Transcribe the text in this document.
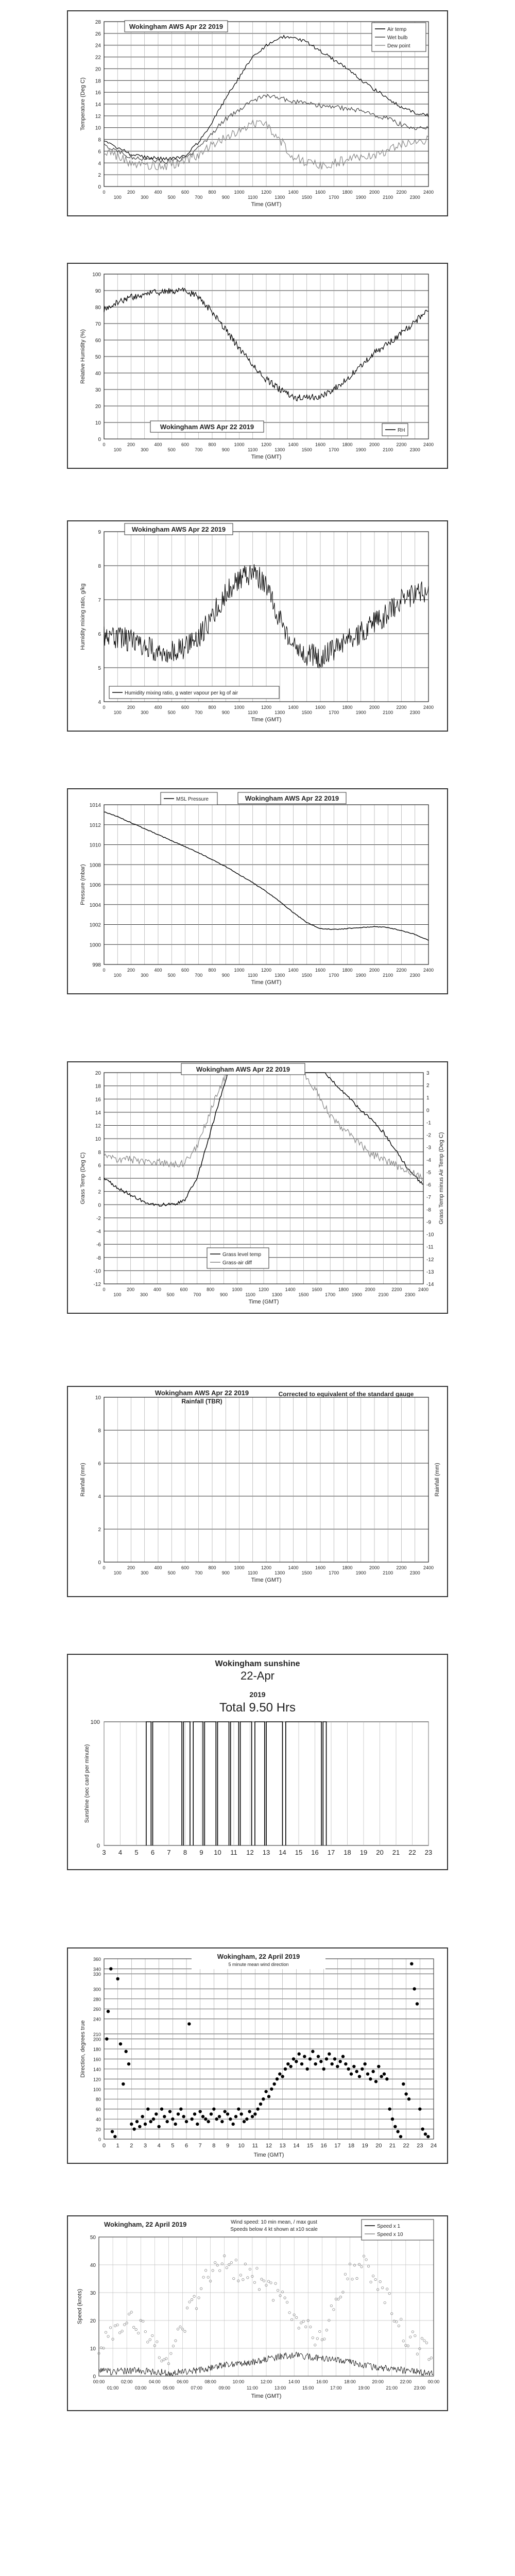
0
2
4
6
8
10
12
14
16
18
20
22
24
26
28
0
100
200
300
400
500
600
700
800
900
1000
1100
1200
1300
1400
1500
1600
1700
1800
1900
2000
2100
2200
2300
2400
Time (GMT)
Temperature (Deg C)
Wokingham AWS Apr 22 2019	Air temp
Wet bulb
Dew point
0
10
20
30
40
50
60
70
80
90
100
0
100
200
300
400
500
600
700
800
900
1000
1100
1200
1300
1400
1500
1600
1700
1800
1900
2000
2100
2200
2300
2400
Time (GMT)
Relative Humidity (%)
Wokingham AWS Apr 22 2019	RH
4
5
6
7
8
9
0
100
200
300
400
500
600
700
800
900
1000
1100
1200
1300
1400
1500
1600
1700
1800
1900
2000
2100
2200
2300
2400
Time (GMT)
Humidity mixing ratio, g/kg
Wokingham AWS Apr 22 2019
Humidity mixing ratio, g water vapour per kg of air
998
1000
1002
1004
1006
1008
1010
1012
1014
0
100
200
300
400
500
600
700
800
900
1000
1100
1200
1300
1400
1500
1600
1700
1800
1900
2000
2100
2200
2300
2400
Time (GMT)
Pressure (mbar)
MSL Pressure	Wokingham AWS Apr 22 2019
-12
-10
-8
-6
-4
-2
0
2
4
6
8
10
12
14
16
18
20
0
100
200
300
400
500
600
700
800
900
1000
1100
1200
1300
1400
1500
1600
1700
1800
1900
2000
2100
2200
2300
2400
Time (GMT)
Grass Temp (Deg C)
-14
-13
-12
-11
-10
-9
-8
-7
-6
-5
-4
-3
-2
-1
0
1
2
3
Grass Temp minus Air Temp (Deg C)
Wokingham AWS Apr 22 2019
Grass level temp
Grass-air diff
0
2
4
6
8
10
0
100
200
300
400
500
600
700
800
900
1000
1100
1200
1300
1400
1500
1600
1700
1800
1900
2000
2100
2200
2300
2400
Time (GMT)
Rainfall (mm)	Rainfall (mm)
Wokingham AWS Apr 22 2019
Rainfall (TBR)
Corrected to equivalent of the standard gauge
3 4 5 6 7 8 9 10 11 12 13 14 15 16 17 18 19 20 21 22 23
0
100
Sunshine (sec card per minute)
Wokingham sunshine
22-Apr
2019
Total 9.50 Hrs
0
20
40
60
80
100
120
140
160
180
200
210
240
260
280
300
330
340
360
0 1 2 3 4 5 6 7 8 9 10 11 12 13 14 15 16 17 18 19 20 21 22 23 24
Time (GMT)
Direction, degrees true
Wokingham, 22 April 2019
5 minute mean wind direction
0
10
20
30
40
50
00:00
01:00
02:00
03:00
04:00
05:00
06:00
07:00
08:00
09:00
10:00
11:00
12:00
13:00
14:00
15:00
16:00
17:00
18:00
19:00
20:00
21:00
22:00
23:00
00:00
Time (GMT)
Speed (knots)
Wokingham, 22 April 2019	Wind speed: 10 min mean, / max gust
Speeds below 4 kt shown at x10 scale
Speed x 1
Speed x 10
